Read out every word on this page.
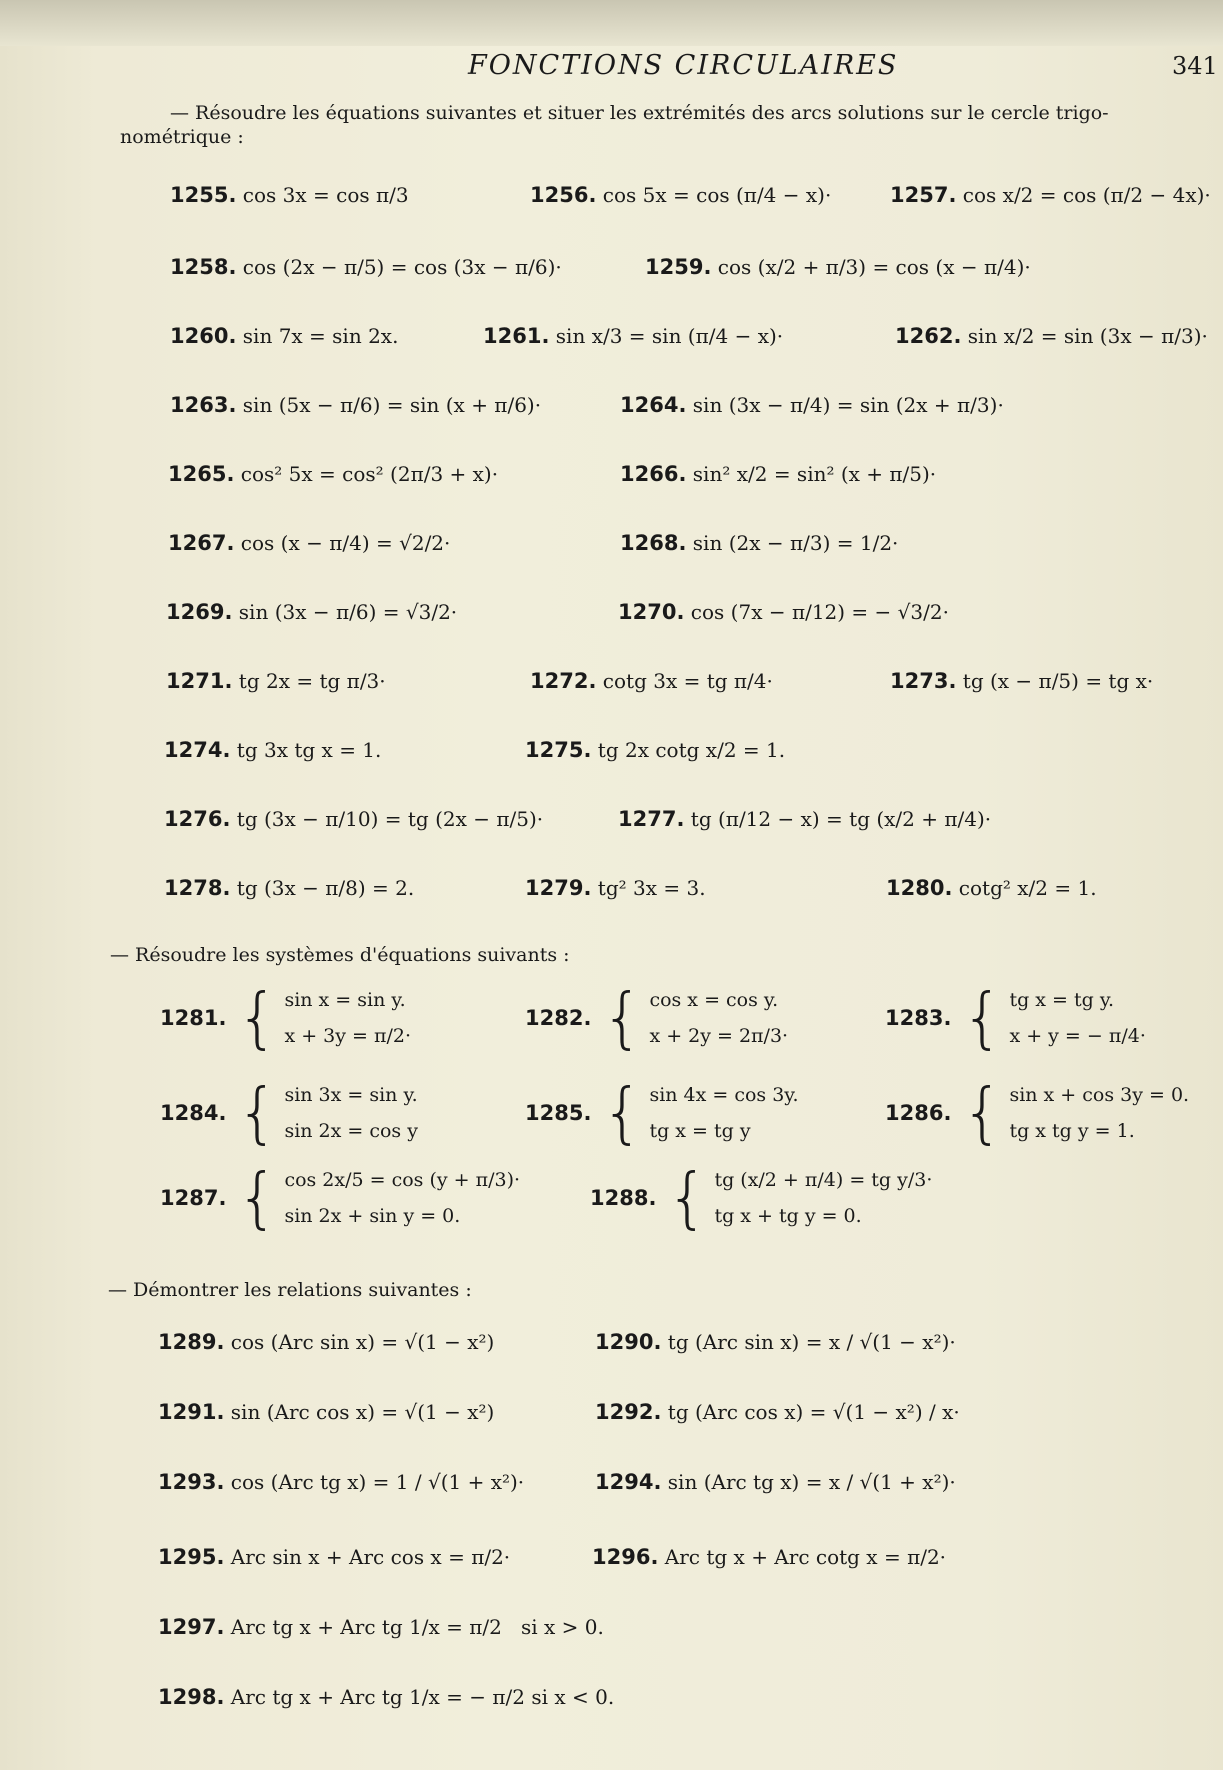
FONCTIONS CIRCULAIRES	341
— Résoudre les équations suivantes et situer les extrémités des arcs solutions sur le cercle trigo-
nométrique :
1255. cos 3x = cos π/3	1256. cos 5x = cos (π/4 − x)·	1257. cos x/2 = cos (π/2 − 4x)·
1258. cos (2x − π/5) = cos (3x − π/6)·	1259. cos (x/2 + π/3) = cos (x − π/4)·
1260. sin 7x = sin 2x.	1261. sin x/3 = sin (π/4 − x)·	1262. sin x/2 = sin (3x − π/3)·
1263. sin (5x − π/6) = sin (x + π/6)·	1264. sin (3x − π/4) = sin (2x + π/3)·
1265. cos² 5x = cos² (2π/3 + x)·	1266. sin² x/2 = sin² (x + π/5)·
1267. cos (x − π/4) = √2/2·	1268. sin (2x − π/3) = 1/2·
1269. sin (3x − π/6) = √3/2·	1270. cos (7x − π/12) = − √3/2·
1271. tg 2x = tg π/3·	1272. cotg 3x = tg π/4·	1273. tg (x − π/5) = tg x·
1274. tg 3x tg x = 1.	1275. tg 2x cotg x/2 = 1.
1276. tg (3x − π/10) = tg (2x − π/5)·	1277. tg (π/12 − x) = tg (x/2 + π/4)·
1278. tg (3x − π/8) = 2.	1279. tg² 3x = 3.	1280. cotg² x/2 = 1.
— Résoudre les systèmes d'équations suivants :
1281. { sin x = sin y.
x + 3y = π/2·
1282. { cos x = cos y.
x + 2y = 2π/3·
1283. { tg x = tg y.
x + y = − π/4·
1284. { sin 3x = sin y.
sin 2x = cos y
1285. { sin 4x = cos 3y.
tg x = tg y
1286. { sin x + cos 3y = 0.
tg x tg y = 1.
1287. { cos 2x/5 = cos (y + π/3)·
sin 2x + sin y = 0.
1288. { tg (x/2 + π/4) = tg y/3·
tg x + tg y = 0.
— Démontrer les relations suivantes :
1289. cos (Arc sin x) = √(1 − x²)	1290. tg (Arc sin x) = x / √(1 − x²)·
1291. sin (Arc cos x) = √(1 − x²)	1292. tg (Arc cos x) = √(1 − x²) / x·
1293. cos (Arc tg x) = 1 / √(1 + x²)·	1294. sin (Arc tg x) = x / √(1 + x²)·
1295. Arc sin x + Arc cos x = π/2·	1296. Arc tg x + Arc cotg x = π/2·
1297. Arc tg x + Arc tg 1/x = π/2   si x > 0.
1298. Arc tg x + Arc tg 1/x = − π/2 si x < 0.
